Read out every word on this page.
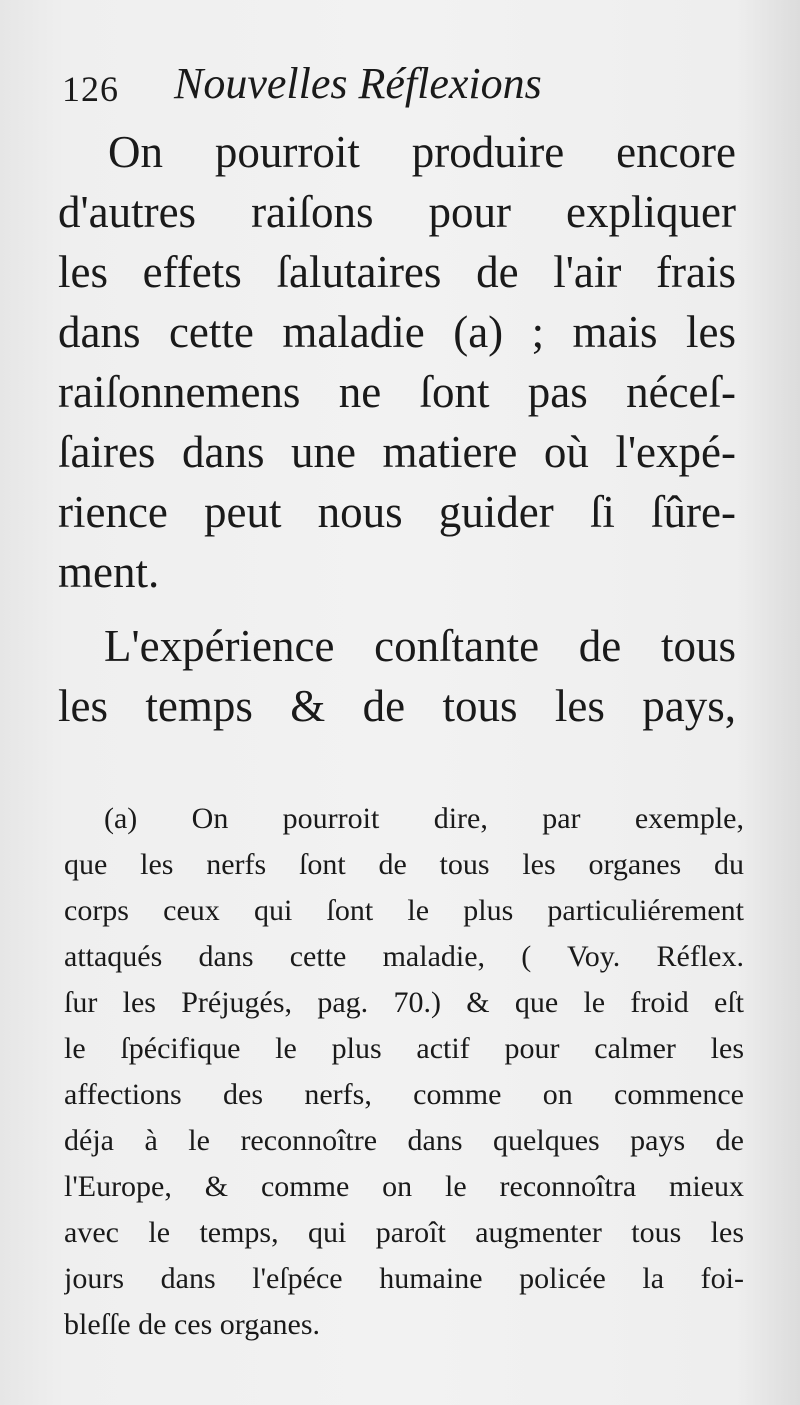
126 Nouvelles Réflexions
On pourroit produire encore
d'autres raiſons pour expliquer
les effets ſalutaires de l'air frais
dans cette maladie (a) ; mais les
raiſonnemens ne ſont pas néceſ-
ſaires dans une matiere où l'expé-
rience peut nous guider ſi ſûre-
ment.
L'expérience conſtante de tous
les temps & de tous les pays,
(a) On pourroit dire, par exemple,
que les nerfs ſont de tous les organes du
corps ceux qui ſont le plus particuliérement
attaqués dans cette maladie, ( Voy. Réflex.
ſur les Préjugés, pag. 70.) & que le froid eſt
le ſpécifique le plus actif pour calmer les
affections des nerfs, comme on commence
déja à le reconnoître dans quelques pays de
l'Europe, & comme on le reconnoîtra mieux
avec le temps, qui paroît augmenter tous les
jours dans l'eſpéce humaine policée la foi-
bleſſe de ces organes.
